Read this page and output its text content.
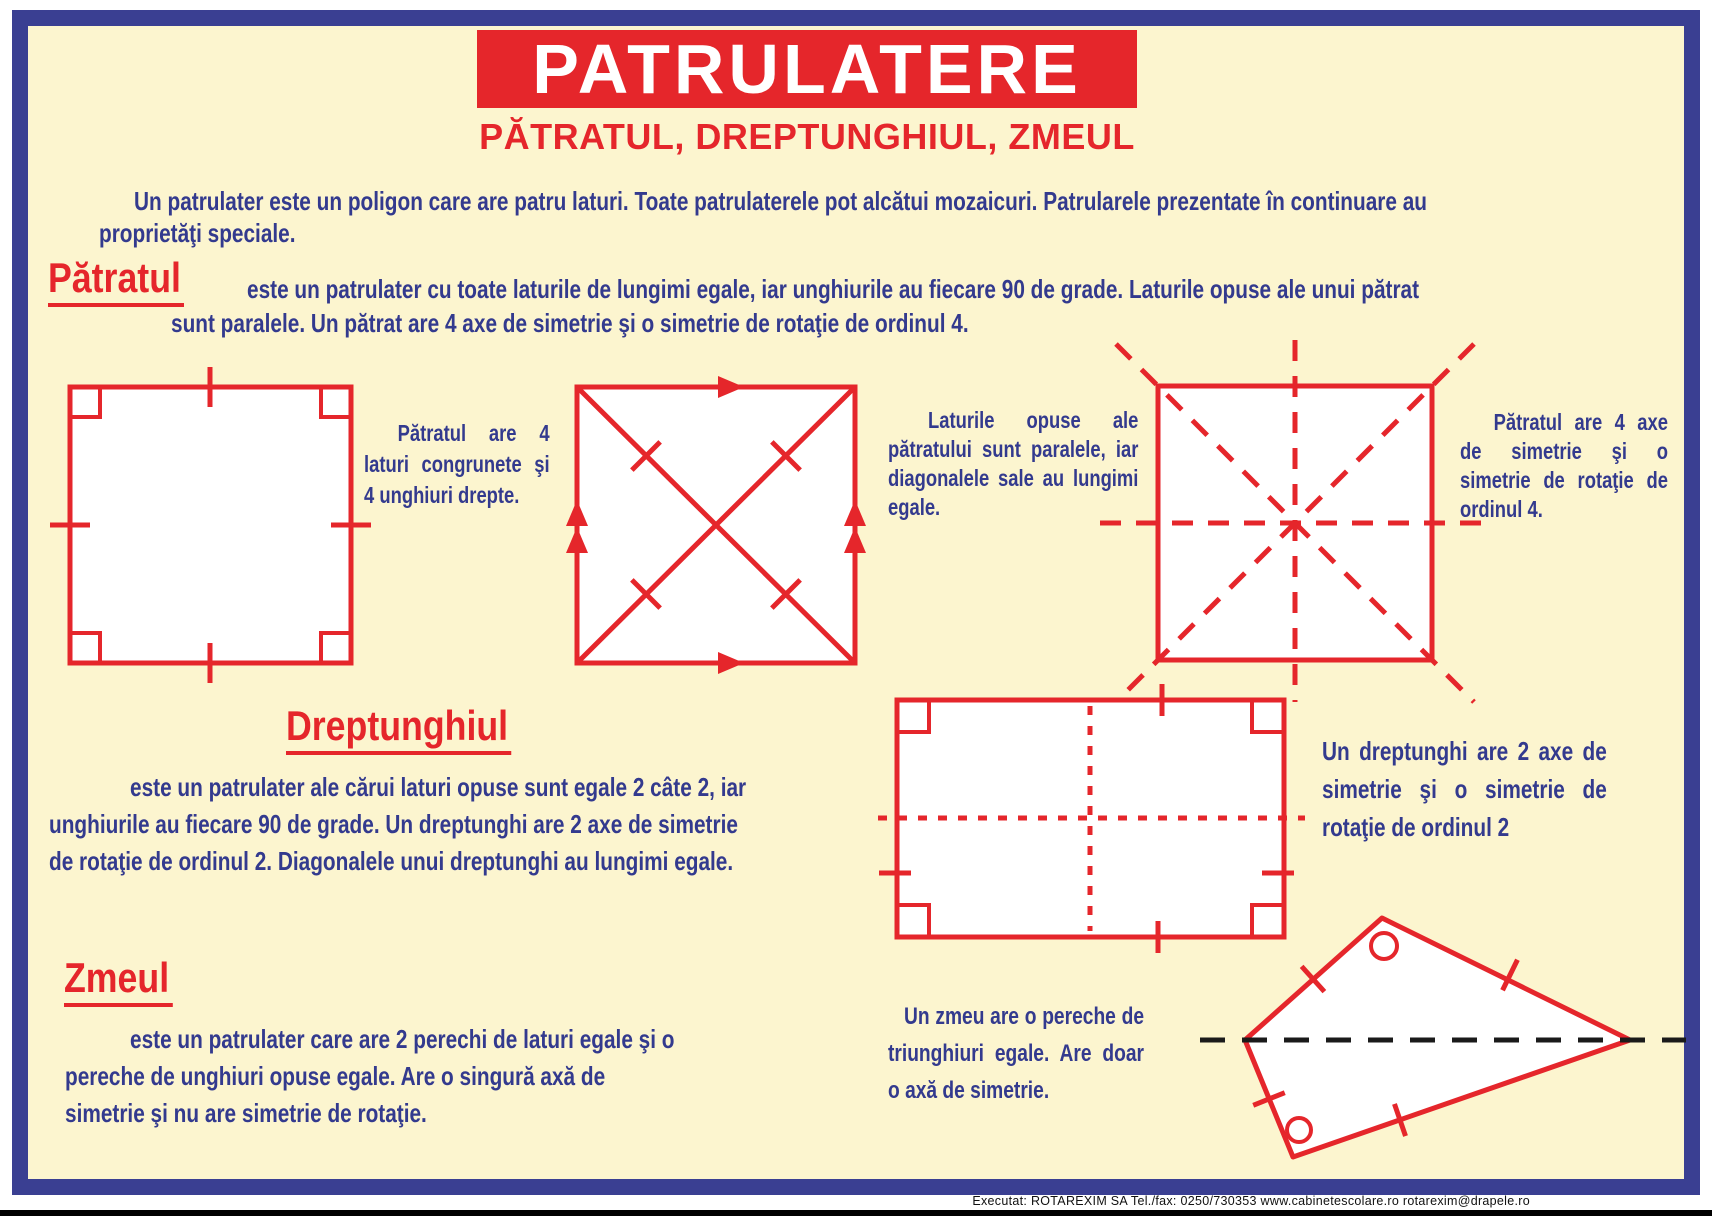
PATRULATERE
PĂTRATUL, DREPTUNGHIUL, ZMEUL
Un patrulater este un poligon care are patru laturi. Toate patrulaterele pot alcătui mozaicuri. Patrularele prezentate în continuare au
proprietăţi speciale.
Pătratul	este un patrulater cu toate laturile de lungimi egale, iar unghiurile au fiecare 90 de grade. Laturile opuse ale unui pătrat
sunt paralele. Un pătrat are 4 axe de simetrie şi o simetrie de rotaţie de ordinul 4.
Pătratul are 4 laturi congrunete şi 4 unghiuri drepte.
Laturile opuse ale pătratului sunt paralele, iar diagonalele sale au lungimi egale.
Pătratul are 4 axe de simetrie şi o simetrie de rotaţie de ordinul 4.
Dreptunghiul
este un patrulater ale cărui laturi opuse sunt egale 2 câte 2, iar
unghiurile au fiecare 90 de grade. Un dreptunghi are 2 axe de simetrie
de rotaţie de ordinul 2. Diagonalele unui dreptunghi au lungimi egale.
Un dreptunghi are 2 axe de simetrie şi o simetrie de rotaţie de ordinul 2
Zmeul
este un patrulater care are 2 perechi de laturi egale şi o
pereche de unghiuri opuse egale. Are o singură axă de
simetrie şi nu are simetrie de rotaţie.
Un zmeu are o pereche de triunghiuri egale. Are doar o axă de simetrie.
Executat: ROTAREXIM SA Tel./fax: 0250/730353 www.cabinetescolare.ro rotarexim@drapele.ro
